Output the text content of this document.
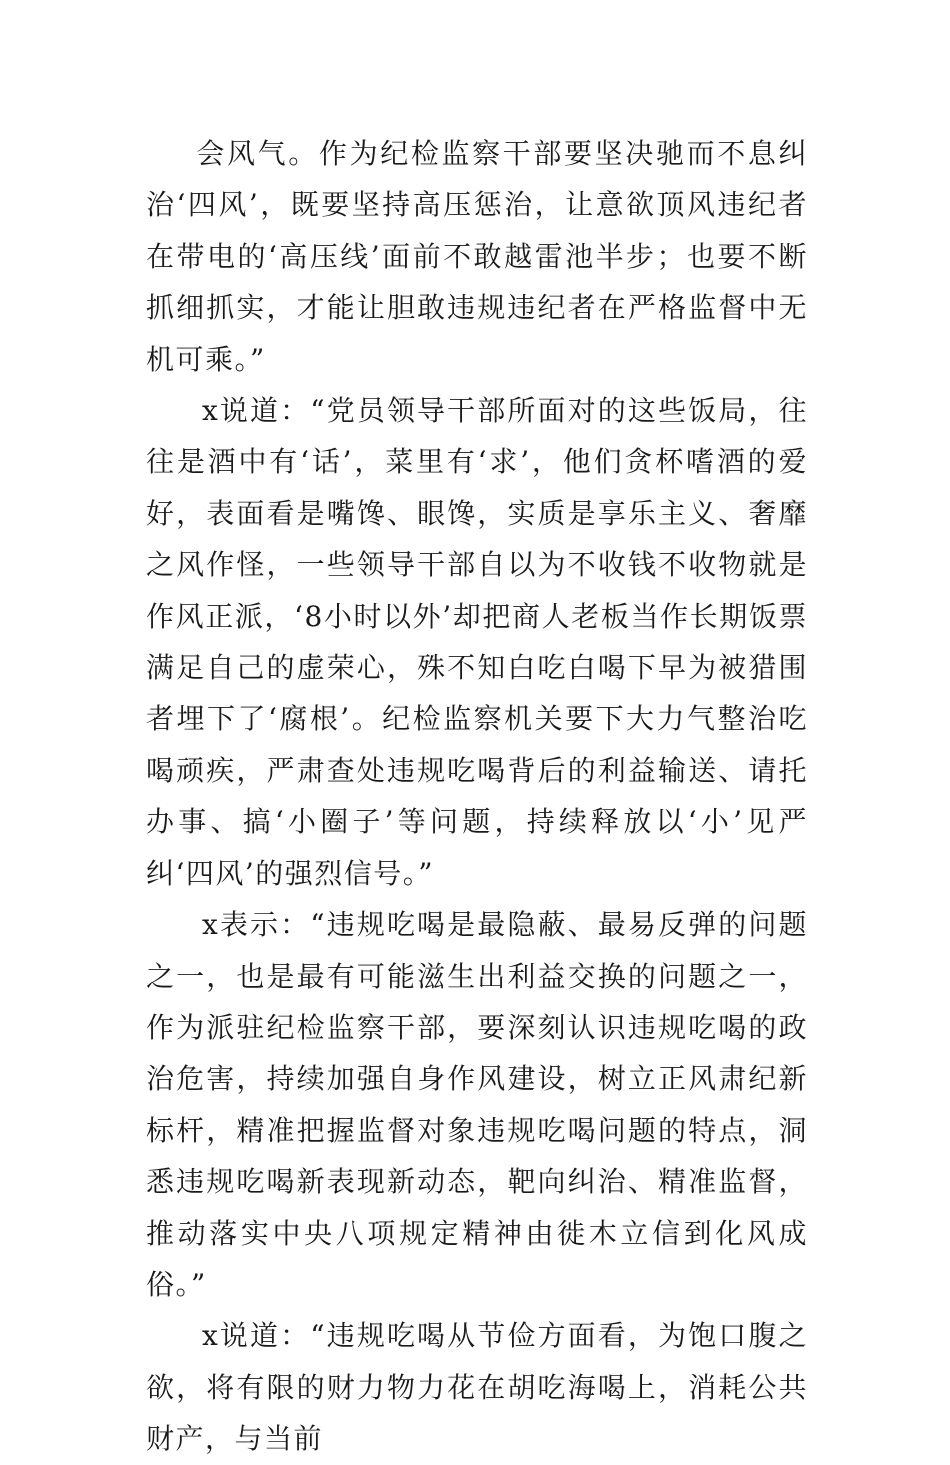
会风气。作为纪检监察干部要坚决驰而不息纠治‘四风’，既要坚持高压惩治，让意欲顶风违纪者在带电的‘高压线’面前不敢越雷池半步；也要不断抓细抓实，才能让胆敢违规违纪者在严格监督中无机可乘。”

x说道：“党员领导干部所面对的这些饭局，往往是酒中有‘话’，菜里有‘求’，他们贪杯嗜酒的爱好，表面看是嘴馋、眼馋，实质是享乐主义、奢靡之风作怪，一些领导干部自以为不收钱不收物就是作风正派，‘8小时以外’却把商人老板当作长期饭票满足自己的虚荣心，殊不知白吃白喝下早为被猎围者埋下了‘腐根’。纪检监察机关要下大力气整治吃喝顽疾，严肃查处违规吃喝背后的利益输送、请托办事、搞‘小圈子’等问题，持续释放以‘小’见严纠‘四风’的强烈信号。”

x表示：“违规吃喝是最隐蔽、最易反弹的问题之一，也是最有可能滋生出利益交换的问题之一，作为派驻纪检监察干部，要深刻认识违规吃喝的政治危害，持续加强自身作风建设，树立正风肃纪新标杆，精准把握监督对象违规吃喝问题的特点，洞悉违规吃喝新表现新动态，靶向纠治、精准监督，推动落实中央八项规定精神由徙木立信到化风成俗。”

x说道：“违规吃喝从节俭方面看，为饱口腹之欲，将有限的财力物力花在胡吃海喝上，消耗公共财产，与当前
